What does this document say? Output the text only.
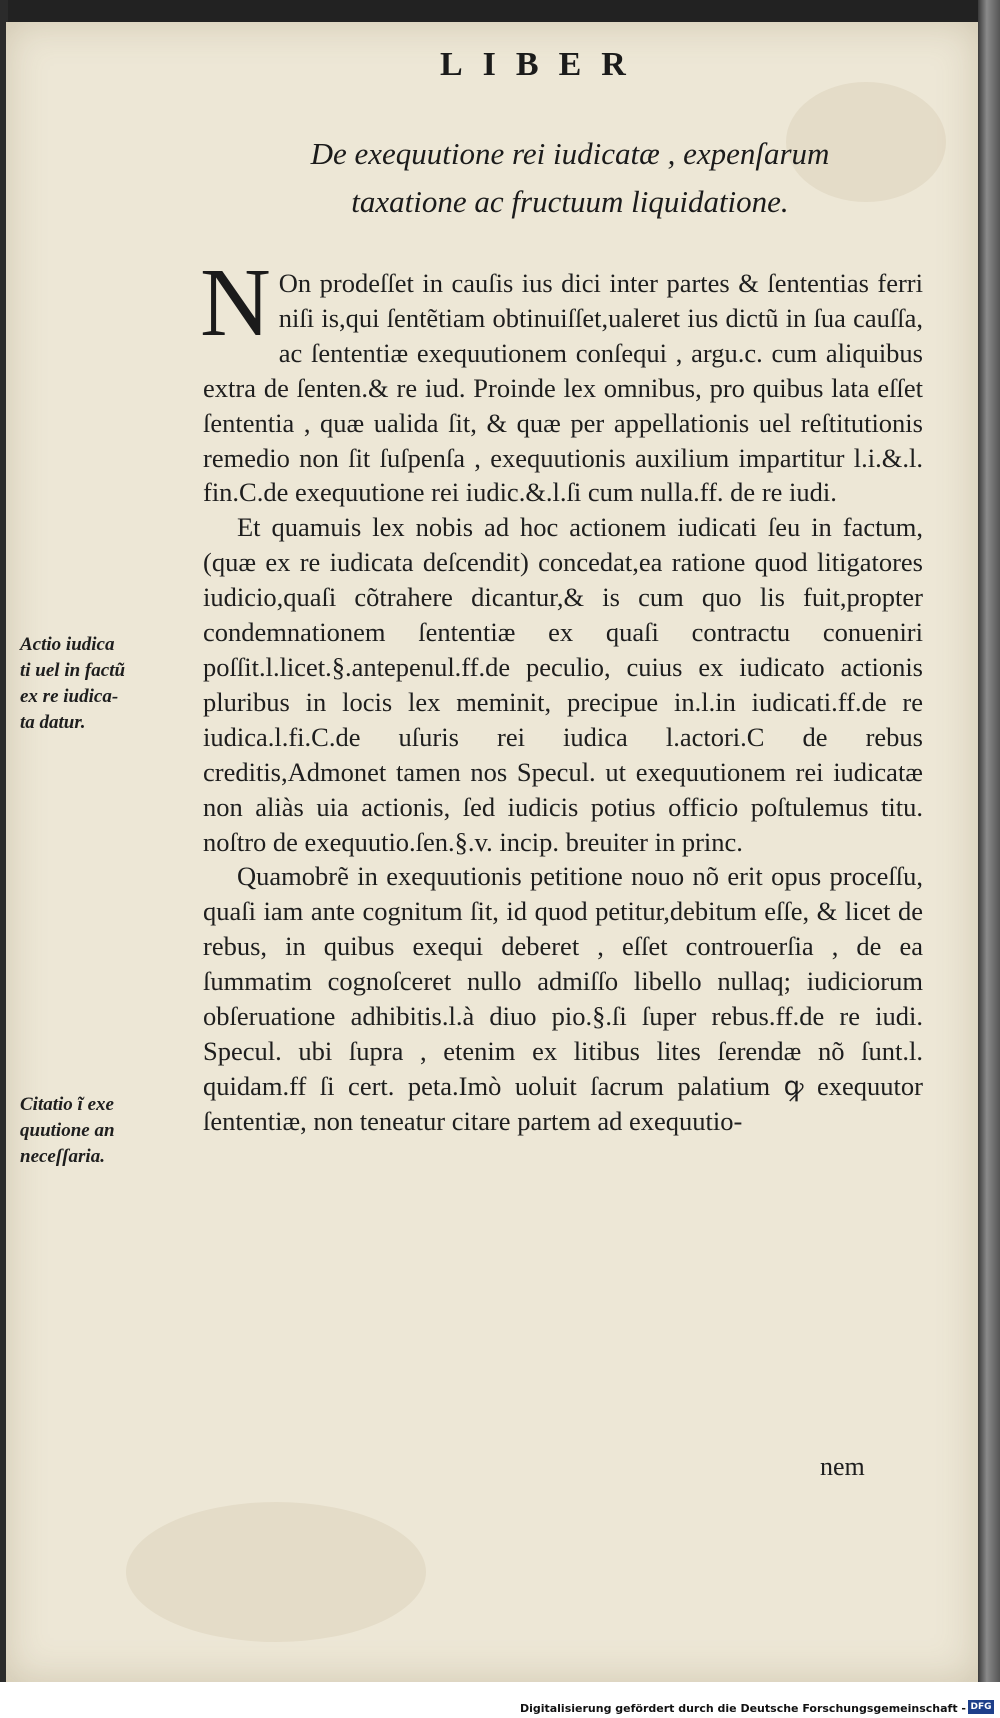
LIBER
De exequutione rei iudicatæ , expenſarum
taxatione ac fructuum liquidatione.

N On prodeſſet in cauſis ius dici inter partes & ſententias ferri niſi is,qui ſentẽtiam obtinuiſſet,ualeret ius dictũ in ſua cauſſa, ac ſententiæ exequutionem conſequi , argu.c. cum aliquibus extra de ſenten.& re iud. Proinde lex omnibus, pro quibus lata eſſet ſententia , quæ ualida ſit, & quæ per appellationis uel reſtitutionis remedio non ſit ſuſpenſa , exequutionis auxilium impartitur l.i.&.l. fin.C.de exequutione rei iudic.&.l.ſi cum nulla.ff. de re iudi.

Et quamuis lex nobis ad hoc actionem iudicati ſeu in factum, (quæ ex re iudicata deſcendit) concedat,ea ratione quod litigatores iudicio,quaſi cõtrahere dicantur,& is cum quo lis fuit,propter condemnationem ſententiæ ex quaſi contractu conueniri poſſit.l.licet.§.antepenul.ff.de peculio, cuius ex iudicato actionis pluribus in locis lex meminit, precipue in.l.in iudicati.ff.de re iudica.l.fi.C.de uſuris rei iudica l.actori.C de rebus creditis,Admonet tamen nos Specul. ut exequutionem rei iudicatæ non aliàs uia actionis, ſed iudicis potius officio poſtulemus titu. noſtro de exequutio.ſen.§.v. incip. breuiter in princ.

Quamobrẽ in exequutionis petitione nouo nõ erit opus proceſſu, quaſi iam ante cognitum ſit, id quod petitur,debitum eſſe, & licet de rebus, in quibus exequi deberet , eſſet controuerſia , de ea ſummatim cognoſceret nullo admiſſo libello nullaq; iudiciorum obſeruatione adhibitis.l.à diuo pio.§.ſi ſuper rebus.ff.de re iudi. Specul. ubi ſupra , etenim ex litibus lites ſerendæ nõ ſunt.l. quidam.ff ſi cert. peta.Imò uoluit ſacrum palatium ꝙ exequutor ſententiæ, non teneatur citare partem ad exequutio-

nem
Actio iudica
ti uel in factũ
ex re iudica-
ta datur.
Citatio ĩ exe
quutione an
neceſſaria.
Digitalisierung gefördert durch die Deutsche Forschungsgemeinschaft - DFG
